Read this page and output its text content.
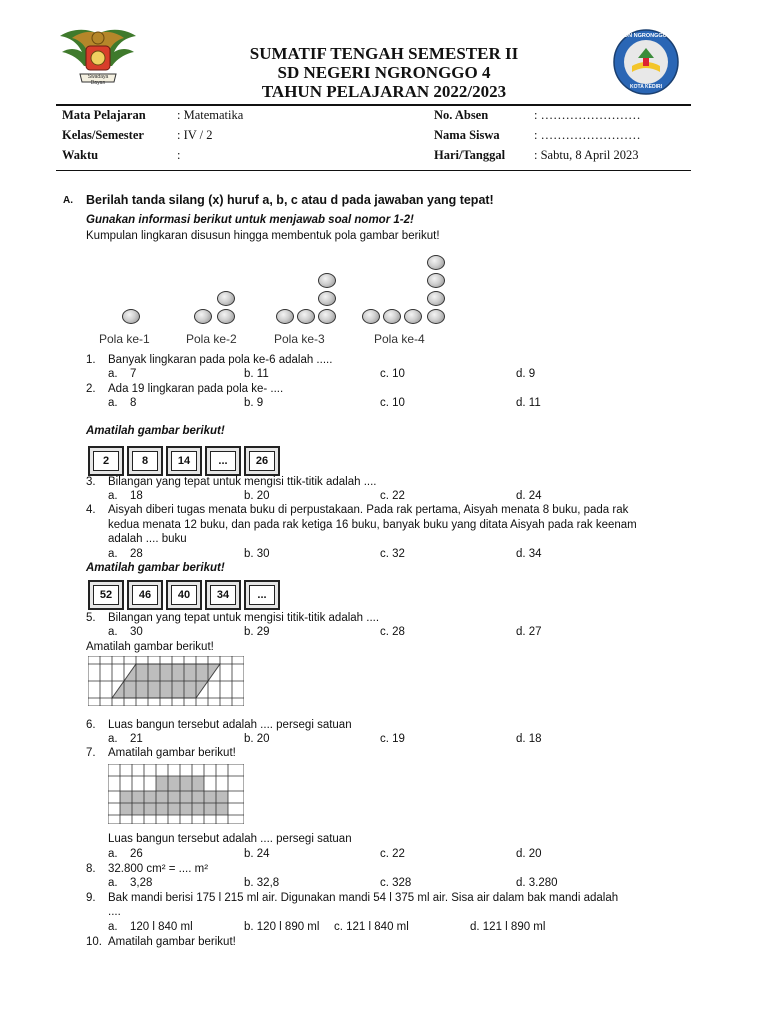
Swadaya Dayan
SUMATIF TENGAH SEMESTER II
SD NEGERI NGRONGGO 4
TAHUN PELAJARAN 2022/2023
SDN NGRONGGO 4
KOTA KEDIRI
Mata Pelajaran	: Matematika
Kelas/Semester	: IV / 2
Waktu	:
No. Absen	: ……………………
Nama Siswa	: ……………………
Hari/Tanggal : Sabtu, 8 April 2023
A. Berilah tanda silang (x) huruf a, b, c atau d pada jawaban yang tepat!
Gunakan informasi berikut untuk menjawab soal nomor 1-2!
Kumpulan lingkaran disusun hingga membentuk pola gambar berikut!
Pola ke-1	Pola ke-2	Pola ke-3	Pola ke-4
1. Banyak lingkaran pada pola ke-6 adalah .....
a. 7	b. 11	c. 10	d. 9
2. Ada 19 lingkaran pada pola ke- ....
a. 8	b. 9	c. 10	d. 11
Amatilah gambar berikut!
2	8	14	...	26
3. Bilangan yang tepat untuk mengisi ttik-titik adalah ....
a. 18	b. 20	c. 22	d. 24
4. Aisyah diberi tugas menata buku di perpustakaan. Pada rak pertama, Aisyah menata 8 buku, pada rak
kedua menata 12 buku, dan pada rak ketiga 16 buku, banyak buku yang ditata Aisyah pada rak keenam
adalah .... buku
a. 28	b. 30	c. 32	d. 34
Amatilah gambar berikut!
52	46	40	34	...
5. Bilangan yang tepat untuk mengisi titik-titik adalah ....
a. 30	b. 29	c. 28	d. 27
Amatilah gambar berikut!
6. Luas bangun tersebut adalah .... persegi satuan
a. 21	b. 20	c. 19	d. 18
7. Amatilah gambar berikut!
Luas bangun tersebut adalah .... persegi satuan
a. 26	b. 24	c. 22	d. 20
8. 32.800 cm² = .... m²
a. 3,28	b. 32,8	c. 328	d. 3.280
9. Bak mandi berisi 175 l 215 ml air. Digunakan mandi 54 l 375 ml air. Sisa air dalam bak mandi adalah
....
a. 120 l 840 ml	b. 120 l 890 ml c. 121 l 840 ml	d. 121 l 890 ml
10. Amatilah gambar berikut!
